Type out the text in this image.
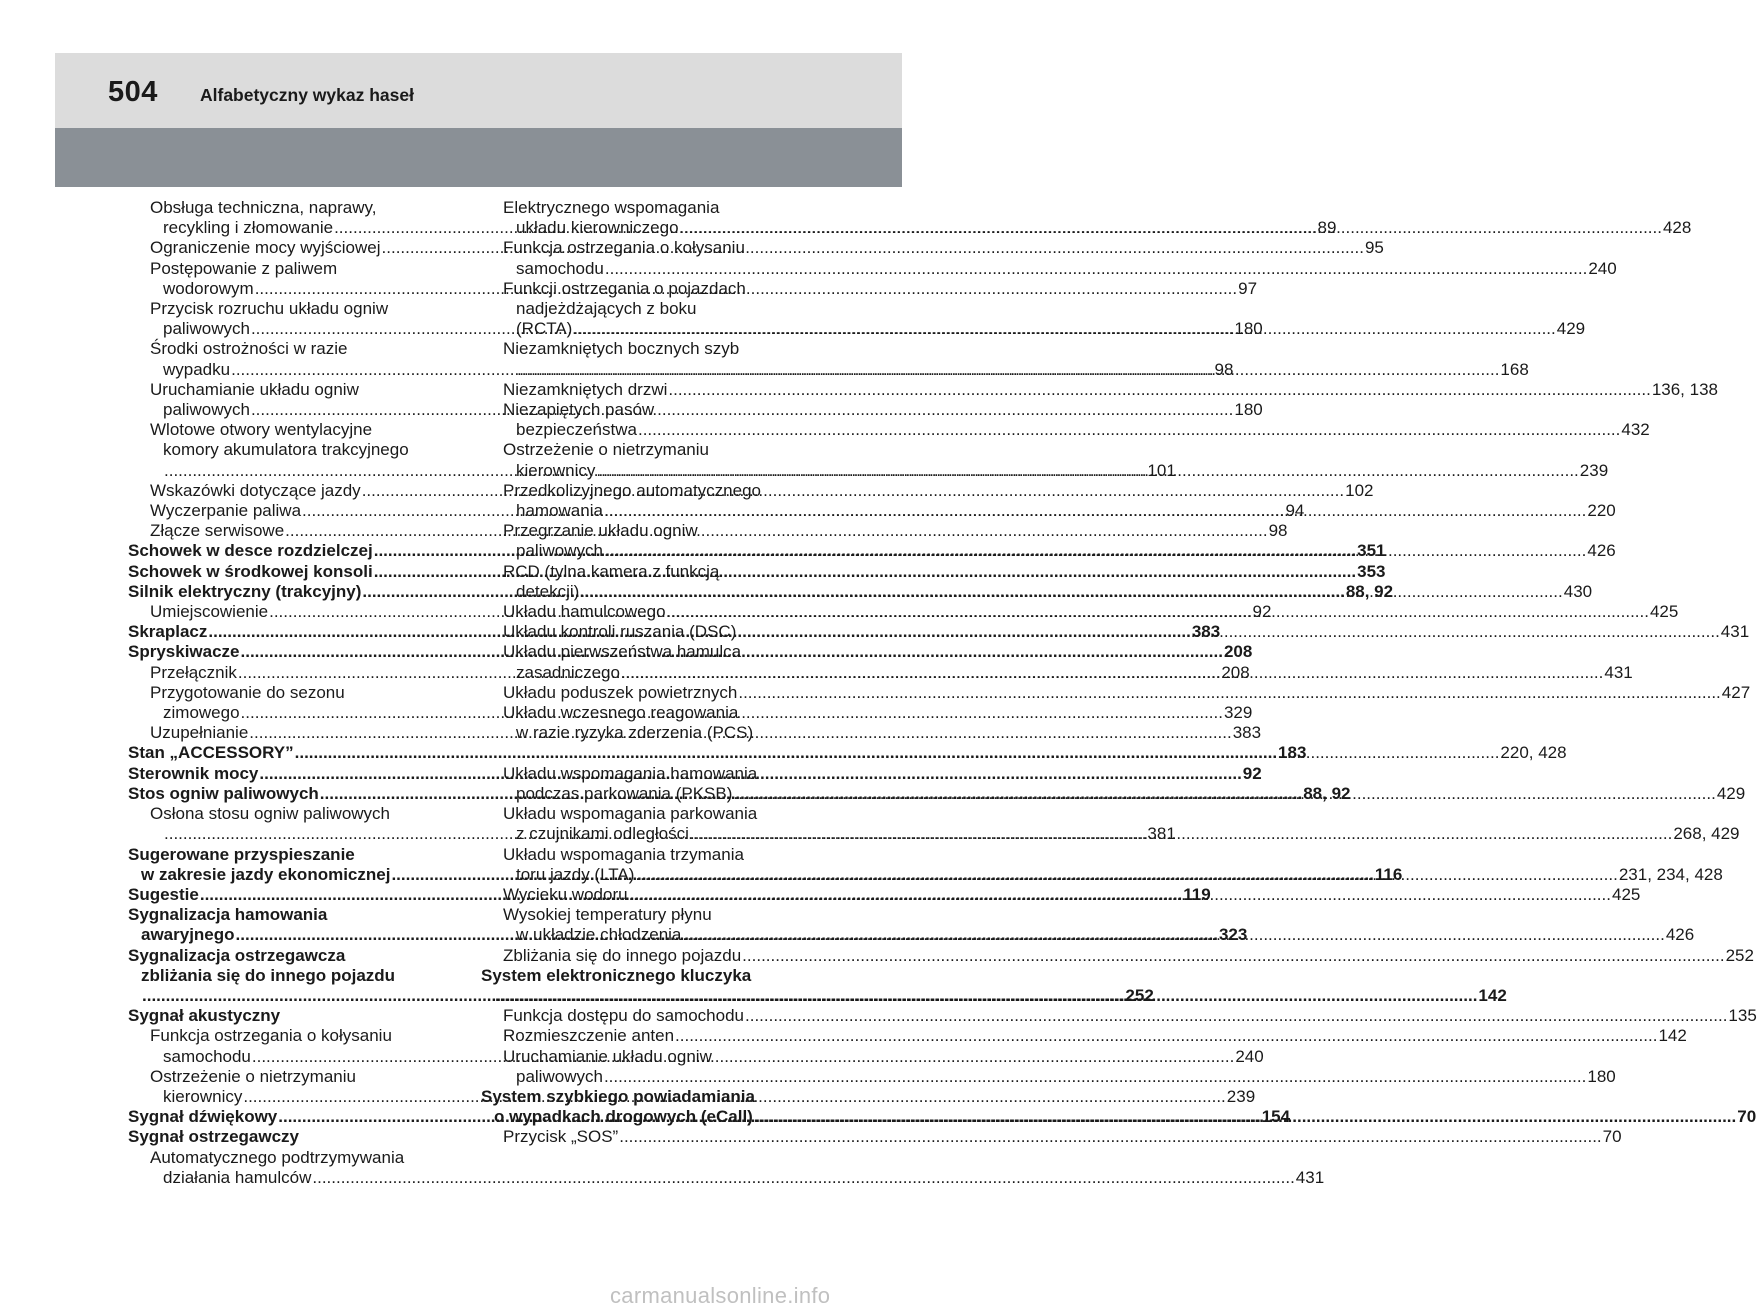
504 Alfabetyczny wykaz haseł
Obsługa techniczna, naprawy,
recykling i złomowanie .....	89
Ograniczenie mocy wyjściowej .....	95
Postępowanie z paliwem
wodorowym .....	97
Przycisk rozruchu układu ogniw
paliwowych .....	180
Środki ostrożności w razie
wypadku .....	98
Uruchamianie układu ogniw
paliwowych .....	180
Wlotowe otwory wentylacyjne
komory akumulatora trakcyjnego
..... 101
Wskazówki dotyczące jazdy .....	102
Wyczerpanie paliwa .....	94
Złącze serwisowe .....	98
Schowek w desce rozdzielczej .....	351
Schowek w środkowej konsoli .....	353
Silnik elektryczny (trakcyjny) .....	88, 92
Umiejscowienie .....	92
Skraplacz .....	383
Spryskiwacze .....	208
Przełącznik .....	208
Przygotowanie do sezonu
zimowego .....	329
Uzupełnianie .....	383
Stan „ACCESSORY” .....	183
Sterownik mocy .....	92
Stos ogniw paliwowych .....	88, 92
Osłona stosu ogniw paliwowych
..... 381
Sugerowane przyspieszanie
w zakresie jazdy ekonomicznej .....	116
Sugestie .....	119
Sygnalizacja hamowania
awaryjnego .....	323
Sygnalizacja ostrzegawcza
zbliżania się do innego pojazdu
..... 252
Sygnał akustyczny
Funkcja ostrzegania o kołysaniu
samochodu .....	240
Ostrzeżenie o nietrzymaniu
kierownicy .....	239
Sygnał dźwiękowy .....	154
Sygnał ostrzegawczy
Automatycznego podtrzymywania
działania hamulców .....	431
Elektrycznego wspomagania
układu kierowniczego .....	428
Funkcja ostrzegania o kołysaniu
samochodu .....	240
Funkcji ostrzegania o pojazdach
nadjeżdżających z boku
(RCTA) .....	429
Niezamkniętych bocznych szyb
..... 168
Niezamkniętych drzwi .....	136, 138
Niezapiętych pasów
bezpieczeństwa .....	432
Ostrzeżenie o nietrzymaniu
kierownicy .....	239
Przedkolizyjnego automatycznego
hamowania .....	220
Przegrzanie układu ogniw
paliwowych .....	426
RCD (tylna kamera z funkcją
detekcji) .....	430
Układu hamulcowego .....	425
Układu kontroli ruszania (DSC) .....	431
Układu pierwszeństwa hamulca
zasadniczego .....	431
Układu poduszek powietrznych .....	427
Układu wczesnego reagowania
w razie ryzyka zderzenia (PCS)
..... 220, 428
Układu wspomagania hamowania
podczas parkowania (PKSB) .....	429
Układu wspomagania parkowania
z czujnikami odległości .....	268, 429
Układu wspomagania trzymania
toru jazdy (LTA) .....	231, 234, 428
Wycieku wodoru .....	425
Wysokiej temperatury płynu
w układzie chłodzenia .....	426
Zbliżania się do innego pojazdu .....	252
System elektronicznego kluczyka
..... 142
Funkcja dostępu do samochodu .....	135
Rozmieszczenie anten .....	142
Uruchamianie układu ogniw
paliwowych .....	180
System szybkiego powiadamiania
o wypadkach drogowych (eCall) .....	70
Przycisk „SOS” .....	70
carmanualsonline.info
